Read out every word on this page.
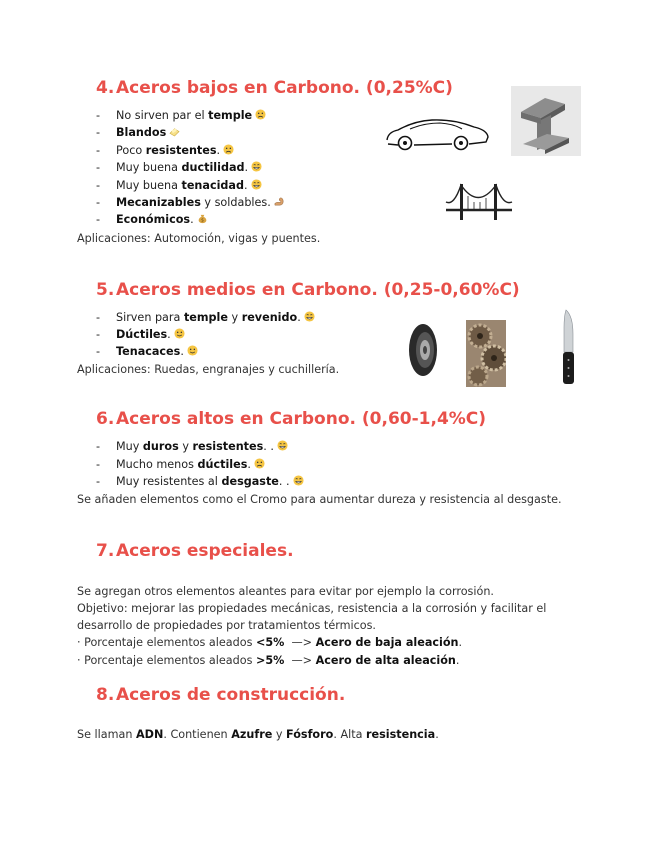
4. Aceros bajos en Carbono. (0,25%C)
- No sirven par el temple
- Blandos
- Poco resistentes.
- Muy buena ductilidad.
- Muy buena tenacidad.
- Mecanizables y soldables.
- Económicos. $
Aplicaciones: Automoción, vigas y puentes.
5. Aceros medios en Carbono. (0,25-0,60%C)
- Sirven para temple y revenido.
- Dúctiles.
- Tenacaces.
Aplicaciones: Ruedas, engranajes y cuchillería.
6. Aceros altos en Carbono. (0,60-1,4%C)
- Muy duros y resistentes. .
- Mucho menos dúctiles.
- Muy resistentes al desgaste. .
Se añaden elementos como el Cromo para aumentar dureza y resistencia al desgaste.
7. Aceros especiales.
Se agregan otros elementos aleantes para evitar por ejemplo la corrosión.
Objetivo: mejorar las propiedades mecánicas, resistencia a la corrosión y facilitar el
desarrollo de propiedades por tratamientos térmicos.
· Porcentaje elementos aleados <5%  —> Acero de baja aleación.
· Porcentaje elementos aleados >5%  —> Acero de alta aleación.
8. Aceros de construcción.
Se llaman ADN. Contienen Azufre y Fósforo. Alta resistencia.
